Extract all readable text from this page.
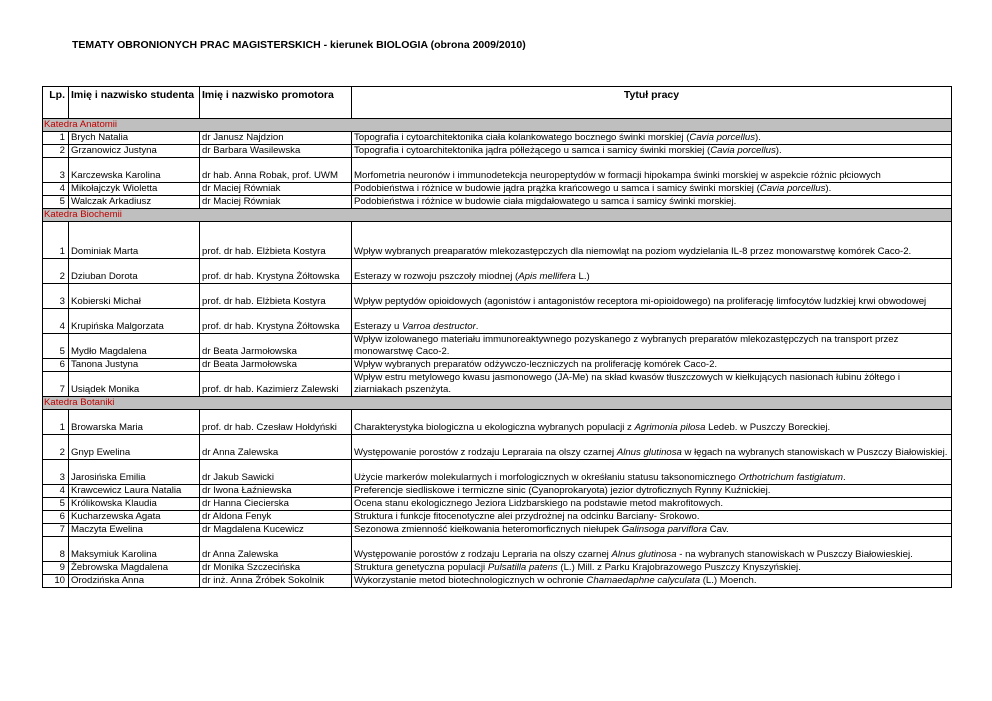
TEMATY OBRONIONYCH PRAC MAGISTERSKICH - kierunek BIOLOGIA (obrona 2009/2010)
Lp.	Imię i nazwisko studenta	Imię i nazwisko promotora	Tytuł pracy
Katedra Anatomii			
1	Brych Natalia	dr Janusz Najdzion	Topografia i cytoarchitektonika ciała kolankowatego bocznego świnki morskiej (Cavia porcellus).
2	Grzanowicz Justyna	dr Barbara Wasilewska	Topografia i cytoarchitektonika jądra półleżącego u samca i samicy świnki morskiej (Cavia porcellus).
3	Karczewska Karolina	dr hab. Anna Robak, prof. UWM	Morfometria neuronów i immunodetekcja neuropeptydów w formacji hipokampa świnki morskiej w aspekcie różnic płciowych
4	Mikołajczyk Wioletta	dr Maciej Równiak	Podobieństwa i różnice w budowie jądra prążka krańcowego u samca i samicy świnki morskiej (Cavia porcellus).
5	Walczak Arkadiusz	dr Maciej Równiak	Podobieństwa i różnice w budowie ciała migdałowatego u samca i samicy świnki morskiej.
Katedra Biochemii			
1	Dominiak Marta	prof. dr hab. Elżbieta Kostyra	Wpływ wybranych preaparatów mlekozastępczych dla niemowląt na poziom wydzielania IL-8 przez monowarstwę komórek Caco-2.
2	Dziuban Dorota	prof. dr hab. Krystyna Żółtowska	Esterazy w rozwoju pszczoły miodnej (Apis mellifera L.)
3	Kobierski Michał	prof. dr hab. Elżbieta Kostyra	Wpływ peptydów opioidowych (agonistów i antagonistów receptora mi-opioidowego) na proliferację limfocytów ludzkiej krwi obwodowej
4	Krupińska Malgorzata	prof. dr hab. Krystyna Żółtowska	Esterazy u Varroa destructor.
5	Mydło Magdalena	dr Beata Jarmołowska	Wpływ izolowanego materiału immunoreaktywnego pozyskanego z wybranych preparatów mlekozastępczych na transport przez monowarstwę Caco-2.
6	Tanona Justyna	dr Beata Jarmołowska	Wpływ wybranych preparatów odżywczo-leczniczych na proliferację komórek Caco-2.
7	Usiądek Monika	prof. dr hab. Kazimierz Zalewski	Wpływ estru metylowego kwasu jasmonowego (JA-Me) na skład kwasów tłuszczowych w kiełkujących nasionach łubinu żółtego i ziarniakach pszenżyta.
Katedra Botaniki			
1	Browarska Maria	prof. dr hab. Czesław Hołdyński	Charakterystyka biologiczna u ekologiczna wybranych populacji z Agrimonia pilosa Ledeb. w Puszczy Boreckiej.
2	Gnyp Ewelina	dr Anna Zalewska	Występowanie porostów z rodzaju Lepraraia na olszy czarnej Alnus glutinosa w łęgach na wybranych stanowiskach w Puszczy Białowiskiej.
3	Jarosińska Emilia	dr Jakub Sawicki	Użycie markerów molekularnych i morfologicznych w okreśłaniu statusu taksonomicznego Orthotrichum fastigiatum.
4	Krawcewicz Laura Natalia	dr Iwona Łaźniewska	Preferencje siedliskowe i termiczne sinic (Cyanoprokaryota) jezior dytroficznych Rynny Kuźnickiej.
5	Królikowska Klaudia	dr Hanna Ciecierska	Ocena stanu ekologicznego Jeziora Lidzbarskiego na podstawie metod makrofitowych.
6	Kucharzewska Agata	dr Aldona Fenyk	Struktura i funkcje fitocenotyczne alei przydrożnej na odcinku Barciany- Srokowo.
7	Maczyta Ewelina	dr Magdalena Kucewicz	Sezonowa zmienność kiełkowania heteromorficznych niełupek Galinsoga parviflora Cav.
8	Maksymiuk Karolina	dr Anna Zalewska	Występowanie porostów z rodzaju Lepraria na olszy czarnej Alnus glutinosa - na wybranych stanowiskach w Puszczy Białowieskiej.
9	Żebrowska Magdalena	dr Monika Szczecińska	Struktura genetyczna populacji Pulsatilla patens (L.) Mill. z Parku Krajobrazowego Puszczy Knyszyńskiej.
10	Orodzińska Anna	dr inż. Anna Żróbek Sokolnik	Wykorzystanie metod biotechnologicznych w ochronie Chamaedaphne calyculata (L.) Moench.
